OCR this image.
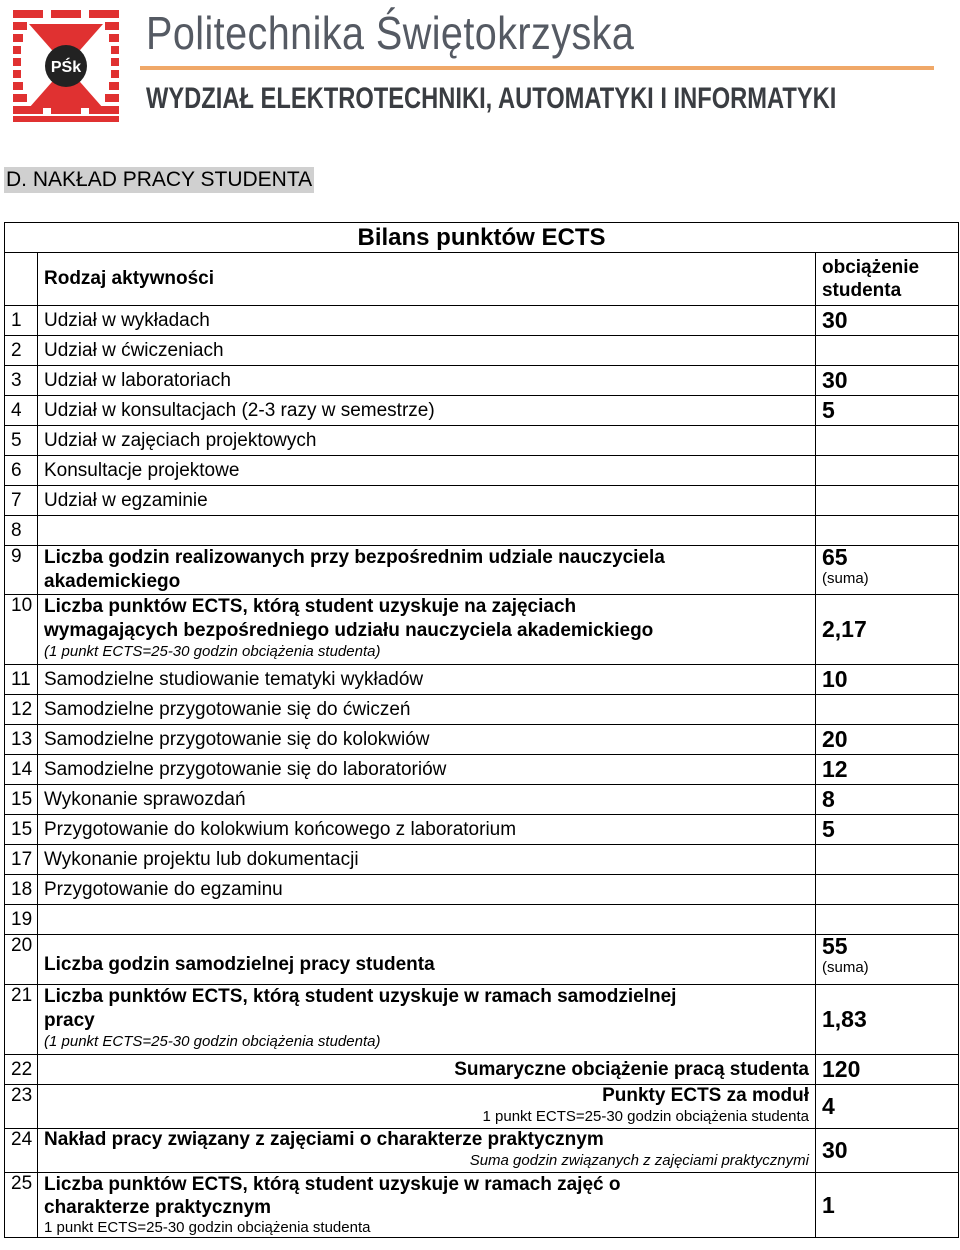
PŚk
Politechnika Świętokrzyska
WYDZIAŁ ELEKTROTECHNIKI, AUTOMATYKI I INFORMATYKI
D. NAKŁAD PRACY STUDENTA
Bilans punktów ECTS		
	Rodzaj aktywności	obciążenie
studenta

1	Udział w wykładach	30
2	Udział w ćwiczeniach	
3	Udział w laboratoriach	30
4	Udział w konsultacjach (2-3 razy w semestrze)	5
5	Udział w zajęciach projektowych	
6	Konsultacje projektowe	
7	Udział w egzaminie	
8		
9	Liczba godzin realizowanych przy bezpośrednim udziale nauczyciela
akademickiego	65
(suma)

10	Liczba punktów ECTS, którą student uzyskuje na zajęciach
wymagających bezpośredniego udziału nauczyciela akademickiego
(1 punkt ECTS=25-30 godzin obciążenia studenta)	2,17
11	Samodzielne studiowanie tematyki wykładów	10
12	Samodzielne przygotowanie się do ćwiczeń	
13	Samodzielne przygotowanie się do kolokwiów	20
14	Samodzielne przygotowanie się do laboratoriów	12
15	Wykonanie sprawozdań	8
15	Przygotowanie do kolokwium końcowego z laboratorium	5
17	Wykonanie projektu lub dokumentacji	
18	Przygotowanie do egzaminu	
19		
20	Liczba godzin samodzielnej pracy studenta	55
(suma)

21	Liczba punktów ECTS, którą student uzyskuje w ramach samodzielnej
pracy
(1 punkt ECTS=25-30 godzin obciążenia studenta)	1,83
22	Sumaryczne obciążenie pracą studenta	120
23	Punkty ECTS za moduł
1 punkt ECTS=25-30 godzin obciążenia studenta	4
24	Nakład pracy związany z zajęciami o charakterze praktycznym
Suma godzin związanych z zajęciami praktycznymi	30
25	Liczba punktów ECTS, którą student uzyskuje w ramach zajęć o
charakterze praktycznym
1 punkt ECTS=25-30 godzin obciążenia studenta	1
